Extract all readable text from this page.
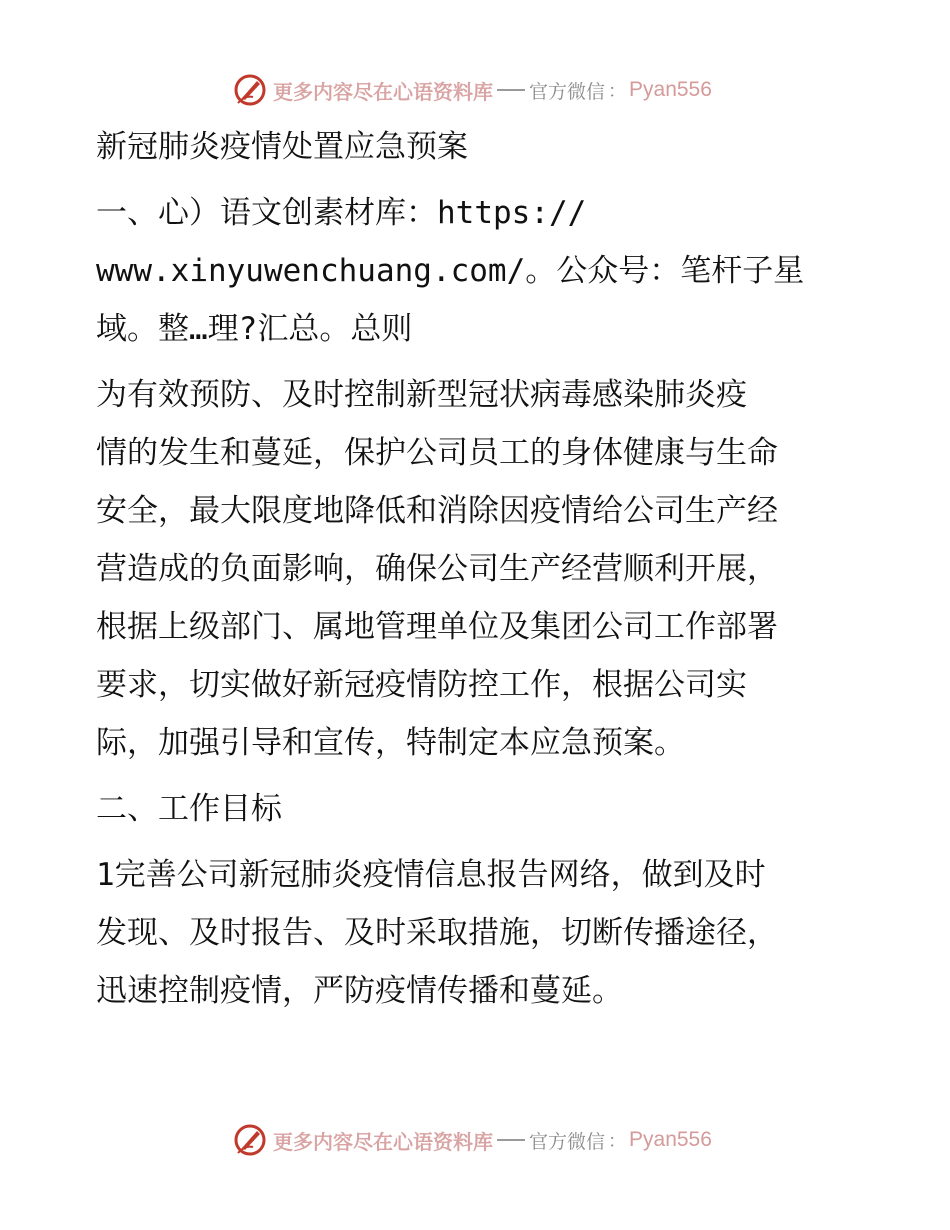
更多内容尽在心语资料库 官方微信 ： Pyan556
新冠肺炎疫情处置应急预案
一、心）语文创素材库：https://
www.xinyuwenchuang.com/。公众号：笔杆子星
域。整…理?汇总。总则
为有效预防、及时控制新型冠状病毒感染肺炎疫
情的发生和蔓延，保护公司员工的身体健康与生命
安全，最大限度地降低和消除因疫情给公司生产经
营造成的负面影响，确保公司生产经营顺利开展，
根据上级部门、属地管理单位及集团公司工作部署
要求，切实做好新冠疫情防控工作，根据公司实
际，加强引导和宣传，特制定本应急预案。
二、工作目标
1完善公司新冠肺炎疫情信息报告网络，做到及时
发现、及时报告、及时采取措施，切断传播途径，
迅速控制疫情，严防疫情传播和蔓延。
更多内容尽在心语资料库 官方微信 ： Pyan556
